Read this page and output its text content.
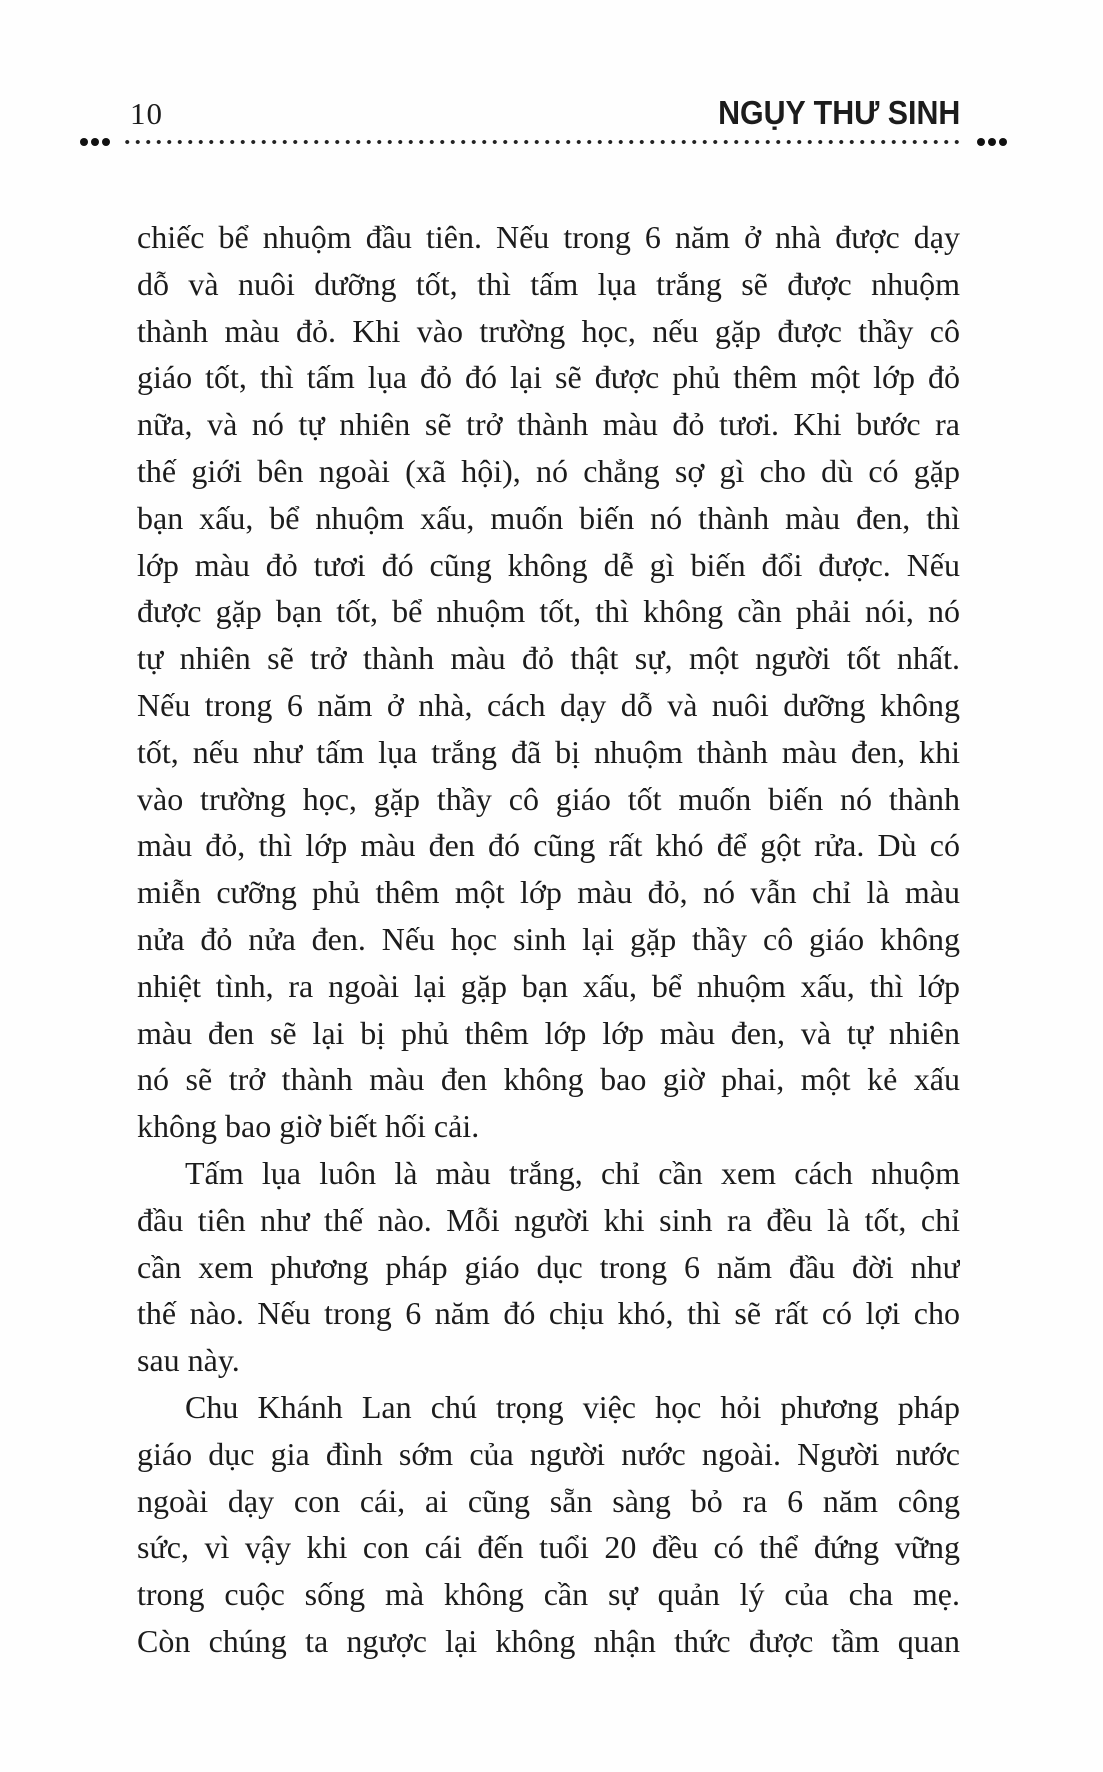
10	NGỤY THƯ SINH

chiếc bể nhuộm đầu tiên. Nếu trong 6 năm ở nhà được dạy
dỗ và nuôi dưỡng tốt, thì tấm lụa trắng sẽ được nhuộm
thành màu đỏ. Khi vào trường học, nếu gặp được thầy cô
giáo tốt, thì tấm lụa đỏ đó lại sẽ được phủ thêm một lớp đỏ
nữa, và nó tự nhiên sẽ trở thành màu đỏ tươi. Khi bước ra
thế giới bên ngoài (xã hội), nó chẳng sợ gì cho dù có gặp
bạn xấu, bể nhuộm xấu, muốn biến nó thành màu đen, thì
lớp màu đỏ tươi đó cũng không dễ gì biến đổi được. Nếu
được gặp bạn tốt, bể nhuộm tốt, thì không cần phải nói, nó
tự nhiên sẽ trở thành màu đỏ thật sự, một người tốt nhất.
Nếu trong 6 năm ở nhà, cách dạy dỗ và nuôi dưỡng không
tốt, nếu như tấm lụa trắng đã bị nhuộm thành màu đen, khi
vào trường học, gặp thầy cô giáo tốt muốn biến nó thành
màu đỏ, thì lớp màu đen đó cũng rất khó để gột rửa. Dù có
miễn cưỡng phủ thêm một lớp màu đỏ, nó vẫn chỉ là màu
nửa đỏ nửa đen. Nếu học sinh lại gặp thầy cô giáo không
nhiệt tình, ra ngoài lại gặp bạn xấu, bể nhuộm xấu, thì lớp
màu đen sẽ lại bị phủ thêm lớp lớp màu đen, và tự nhiên
nó sẽ trở thành màu đen không bao giờ phai, một kẻ xấu
không bao giờ biết hối cải.

Tấm lụa luôn là màu trắng, chỉ cần xem cách nhuộm
đầu tiên như thế nào. Mỗi người khi sinh ra đều là tốt, chỉ
cần xem phương pháp giáo dục trong 6 năm đầu đời như
thế nào. Nếu trong 6 năm đó chịu khó, thì sẽ rất có lợi cho
sau này.

Chu Khánh Lan chú trọng việc học hỏi phương pháp
giáo dục gia đình sớm của người nước ngoài. Người nước
ngoài dạy con cái, ai cũng sẵn sàng bỏ ra 6 năm công
sức, vì vậy khi con cái đến tuổi 20 đều có thể đứng vững
trong cuộc sống mà không cần sự quản lý của cha mẹ.
Còn chúng ta ngược lại không nhận thức được tầm quan
